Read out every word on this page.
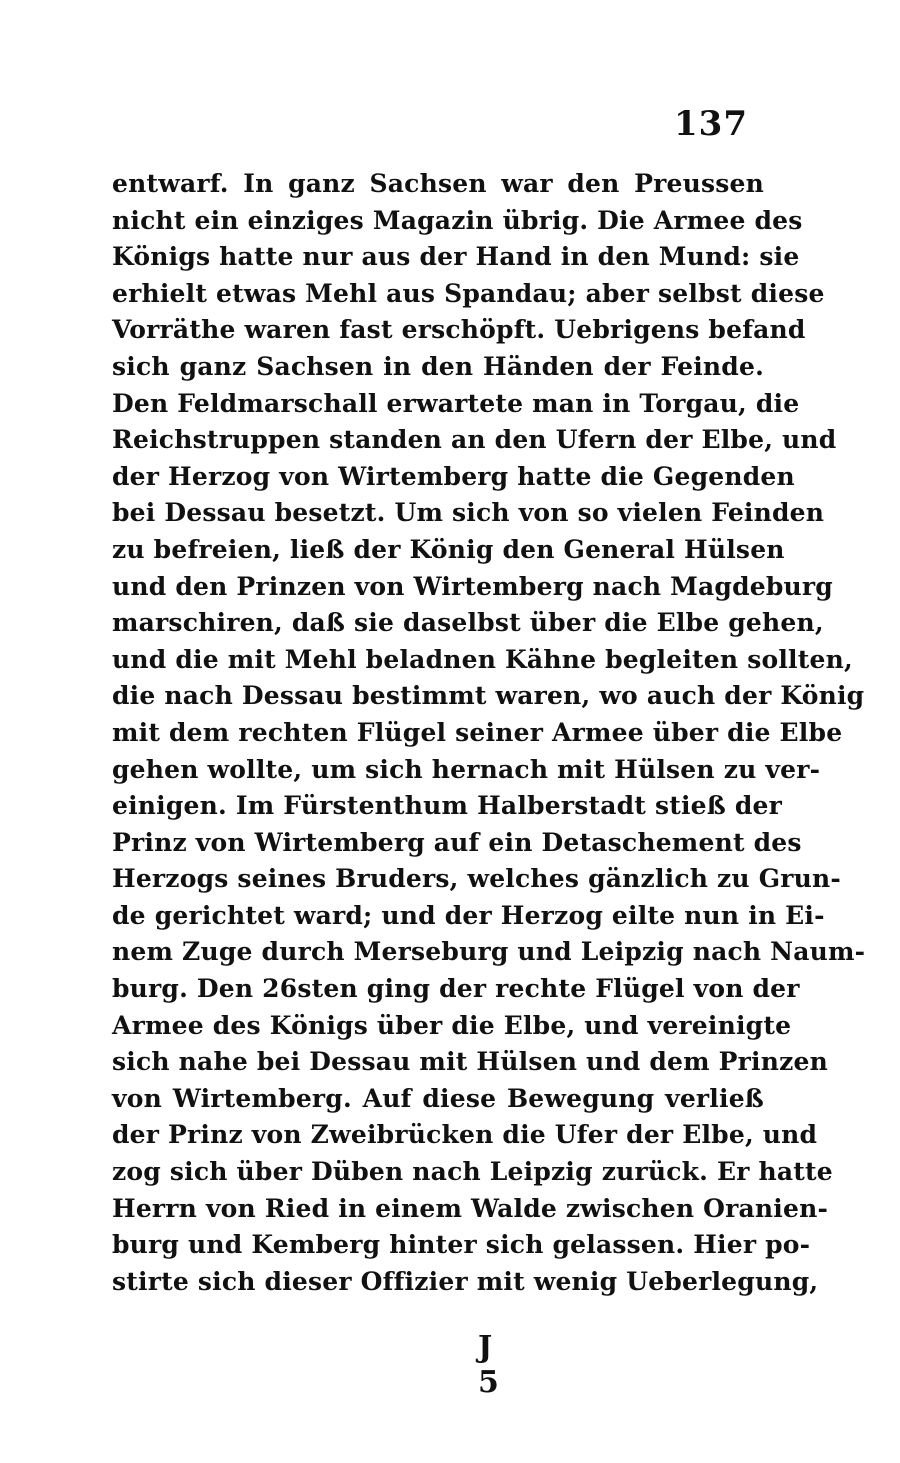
137
entwarf. In ganz Sachsen war den Preussen
nicht ein einziges Magazin übrig. Die Armee des
Königs hatte nur aus der Hand in den Mund: sie
erhielt etwas Mehl aus Spandau; aber selbst diese
Vorräthe waren fast erschöpft. Uebrigens befand
sich ganz Sachsen in den Händen der Feinde.
Den Feldmarschall erwartete man in Torgau, die
Reichstruppen standen an den Ufern der Elbe, und
der Herzog von Wirtemberg hatte die Gegenden
bei Dessau besetzt. Um sich von so vielen Feinden
zu befreien, ließ der König den General Hülsen
und den Prinzen von Wirtemberg nach Magdeburg
marschiren, daß sie daselbst über die Elbe gehen,
und die mit Mehl beladnen Kähne begleiten sollten,
die nach Dessau bestimmt waren, wo auch der König
mit dem rechten Flügel seiner Armee über die Elbe
gehen wollte, um sich hernach mit Hülsen zu ver-
einigen. Im Fürstenthum Halberstadt stieß der
Prinz von Wirtemberg auf ein Detaschement des
Herzogs seines Bruders, welches gänzlich zu Grun-
de gerichtet ward; und der Herzog eilte nun in Ei-
nem Zuge durch Merseburg und Leipzig nach Naum-
burg. Den 26sten ging der rechte Flügel von der
Armee des Königs über die Elbe, und vereinigte
sich nahe bei Dessau mit Hülsen und dem Prinzen
von Wirtemberg. Auf diese Bewegung verließ
der Prinz von Zweibrücken die Ufer der Elbe, und
zog sich über Düben nach Leipzig zurück. Er hatte
Herrn von Ried in einem Walde zwischen Oranien-
burg und Kemberg hinter sich gelassen. Hier po-
stirte sich dieser Offizier mit wenig Ueberlegung,
J 5
